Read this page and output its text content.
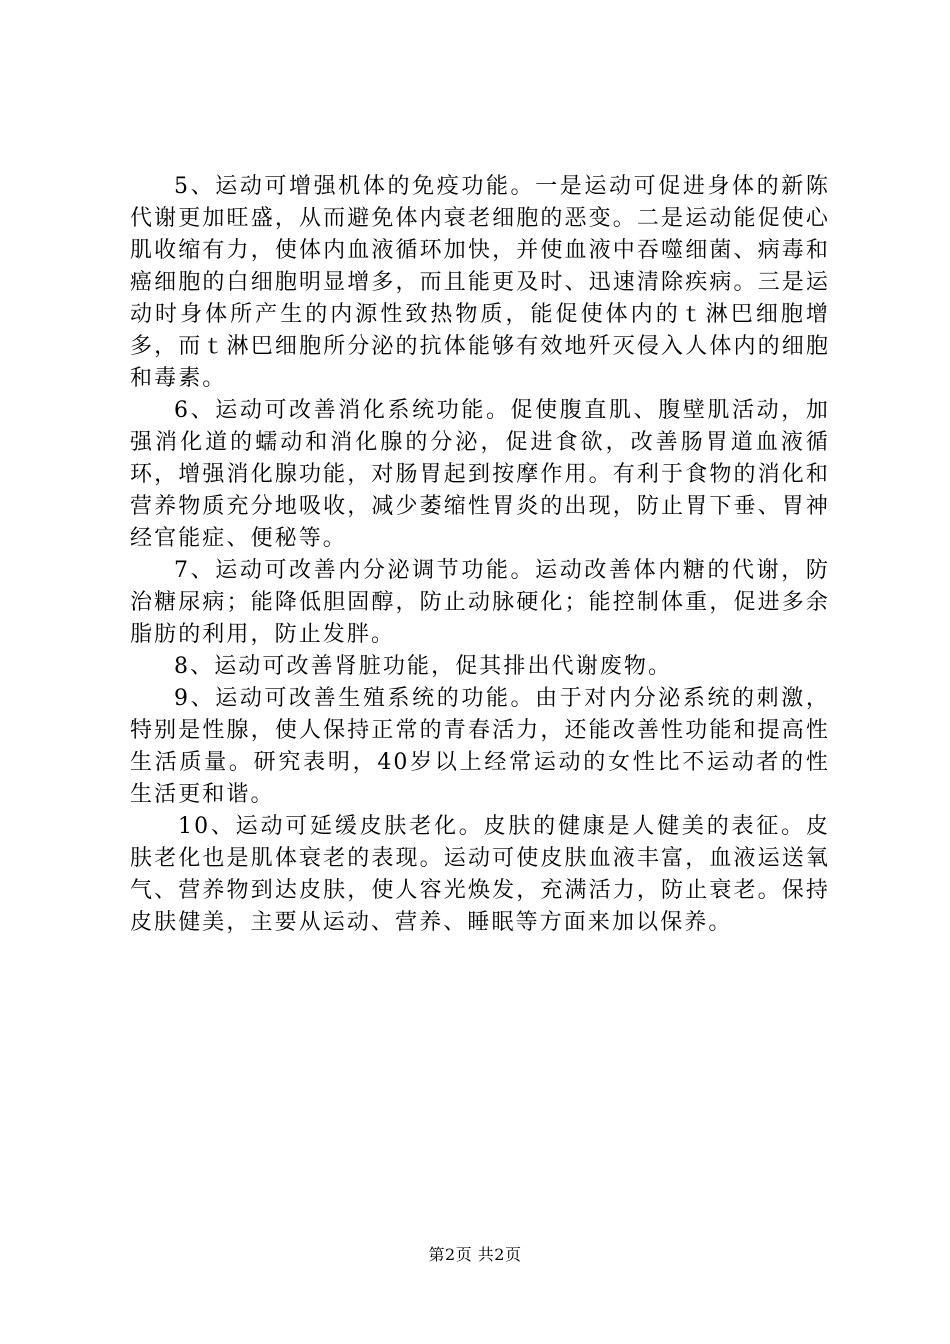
5、运动可增强机体的免疫功能。一是运动可促进身体的新陈代谢更加旺盛，从而避免体内衰老细胞的恶变。二是运动能促使心肌收缩有力，使体内血液循环加快，并使血液中吞噬细菌、病毒和癌细胞的白细胞明显增多，而且能更及时、迅速清除疾病。三是运动时身体所产生的内源性致热物质，能促使体内的ｔ淋巴细胞增多，而ｔ淋巴细胞所分泌的抗体能够有效地歼灭侵入人体内的细胞和毒素。

6、运动可改善消化系统功能。促使腹直肌、腹壁肌活动，加强消化道的蠕动和消化腺的分泌，促进食欲，改善肠胃道血液循环，增强消化腺功能，对肠胃起到按摩作用。有利于食物的消化和营养物质充分地吸收，减少萎缩性胃炎的出现，防止胃下垂、胃神经官能症、便秘等。

7、运动可改善内分泌调节功能。运动改善体内糖的代谢，防治糖尿病；能降低胆固醇，防止动脉硬化；能控制体重，促进多余脂肪的利用，防止发胖。

8、运动可改善肾脏功能，促其排出代谢废物。

9、运动可改善生殖系统的功能。由于对内分泌系统的刺激，特别是性腺，使人保持正常的青春活力，还能改善性功能和提高性生活质量。研究表明，40岁以上经常运动的女性比不运动者的性生活更和谐。

10、运动可延缓皮肤老化。皮肤的健康是人健美的表征。皮肤老化也是肌体衰老的表现。运动可使皮肤血液丰富，血液运送氧气、营养物到达皮肤，使人容光焕发，充满活力，防止衰老。保持皮肤健美，主要从运动、营养、睡眠等方面来加以保养。

第2页 共2页
